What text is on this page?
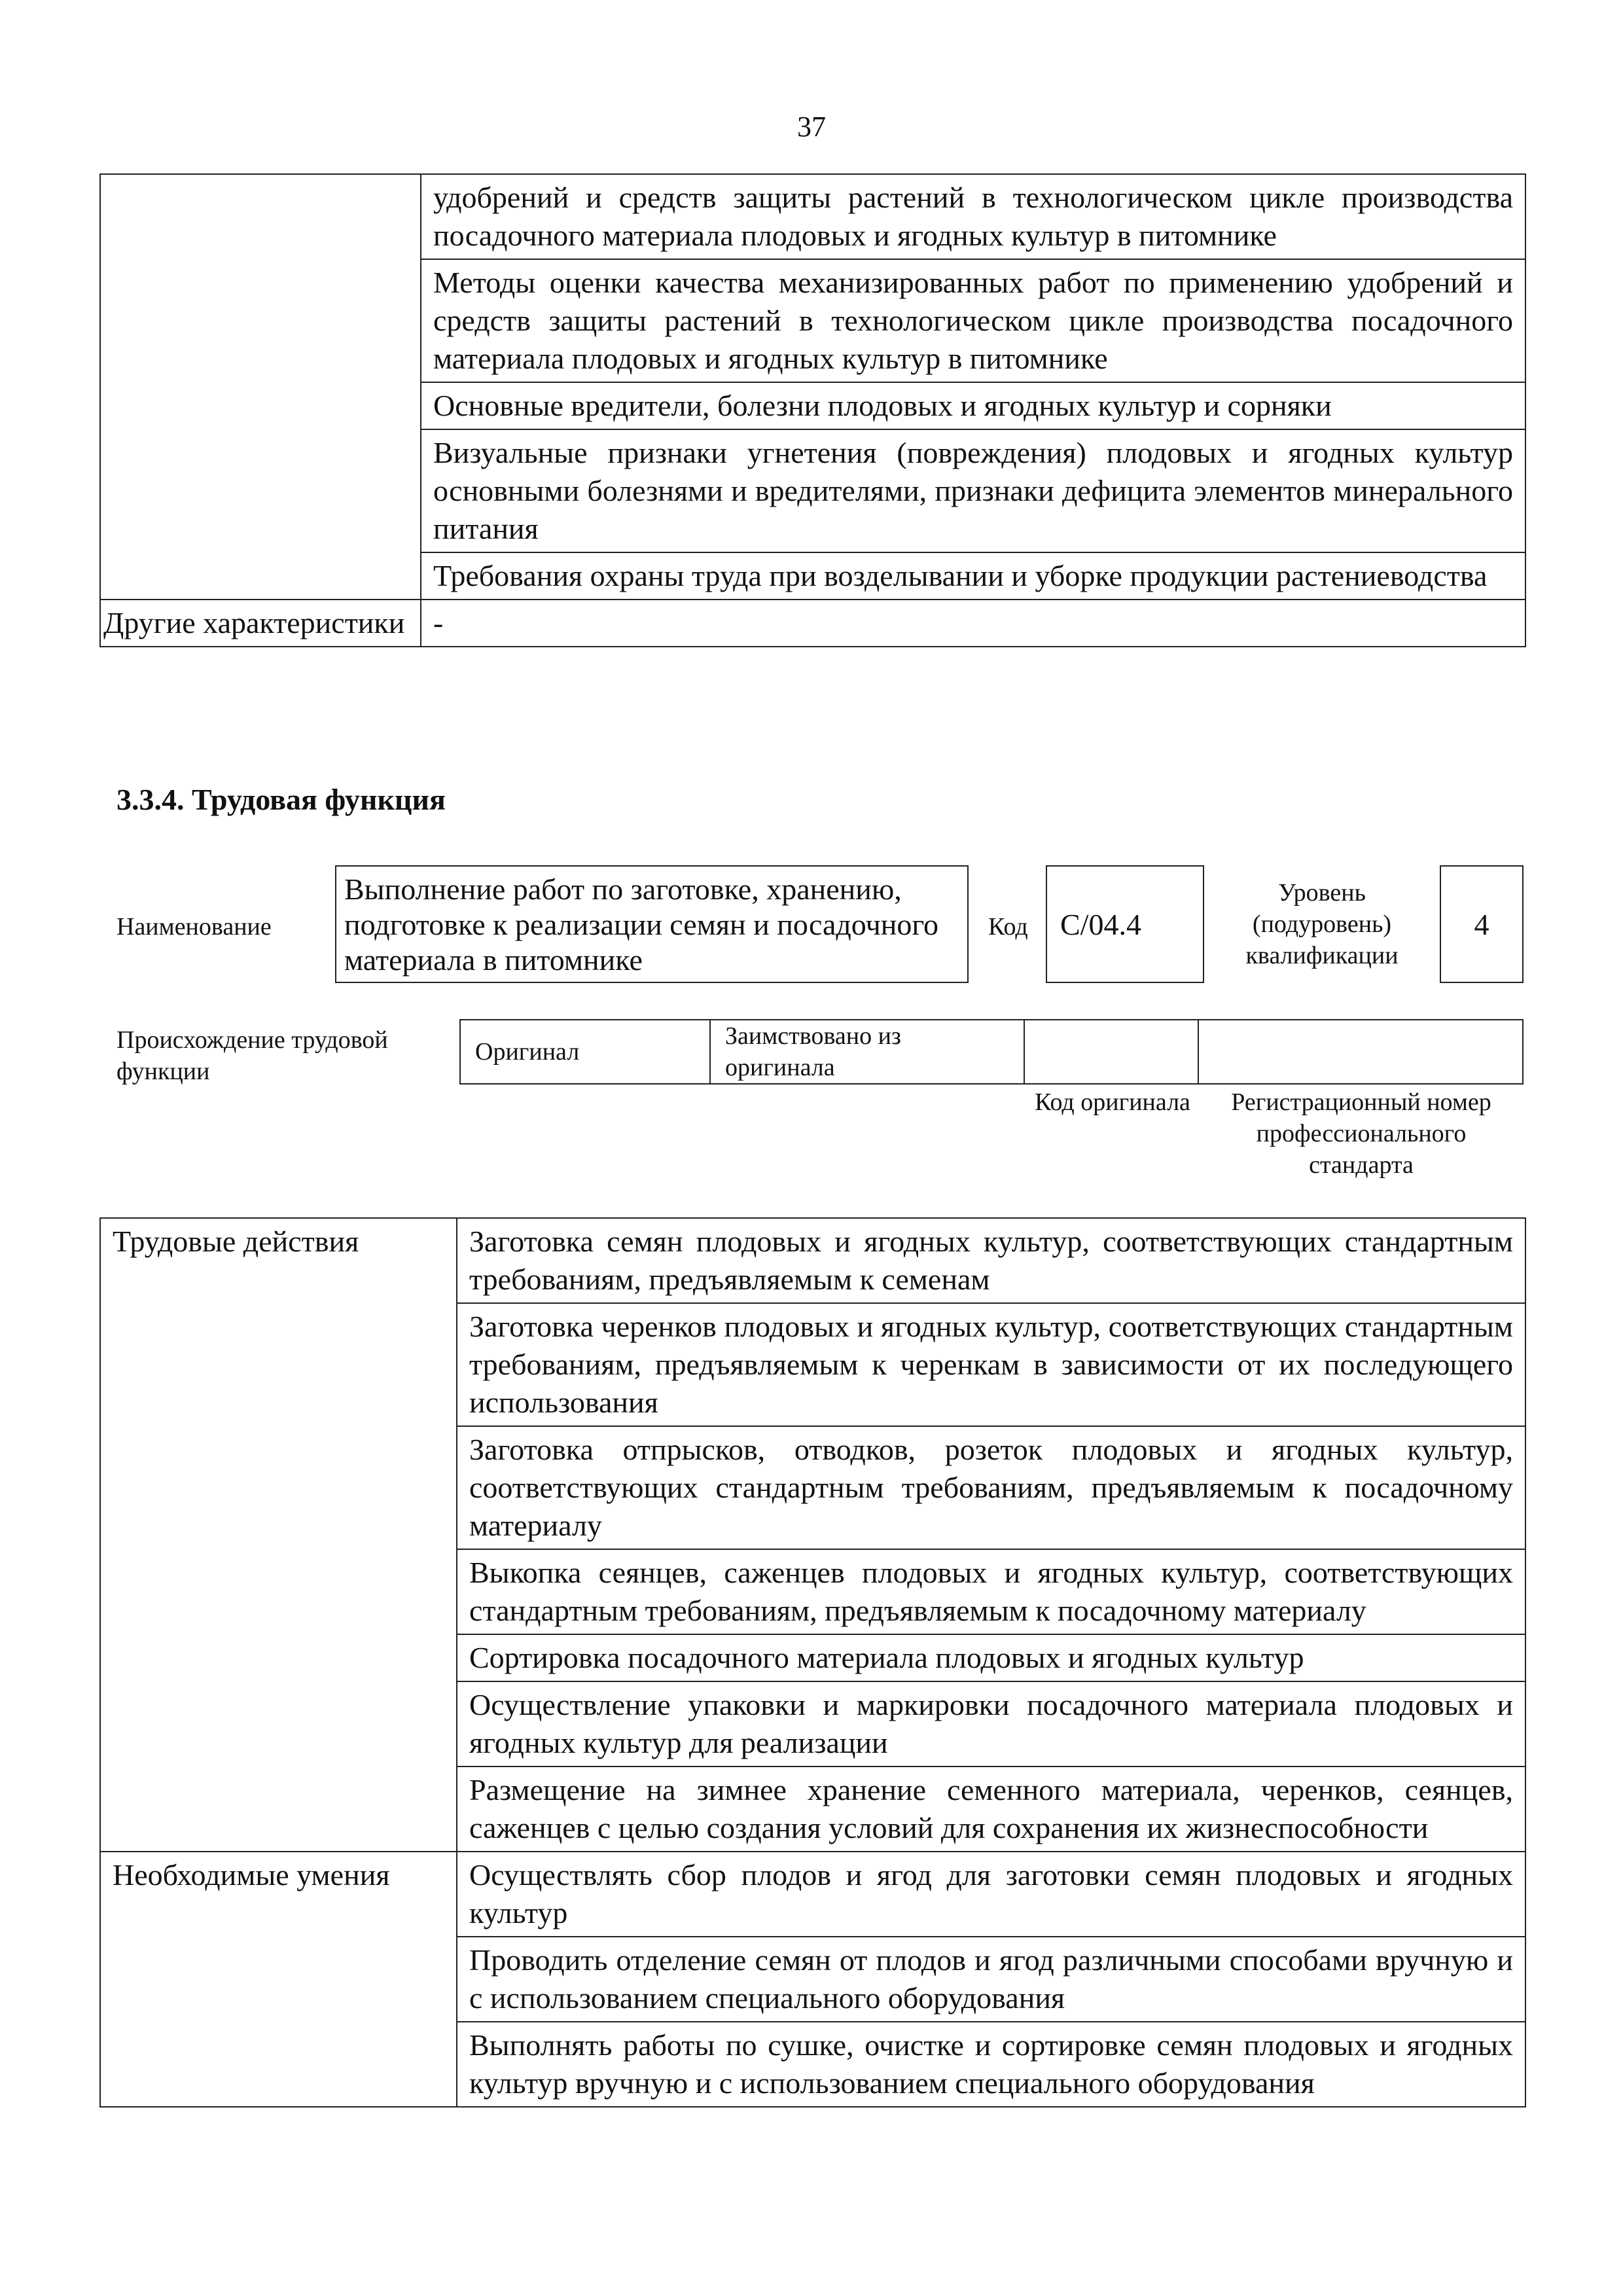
37
	удобрений и средств защиты растений в технологическом цикле производства посадочного материала плодовых и ягодных культур в питомнике
	Методы оценки качества механизированных работ по применению удобрений и средств защиты растений в технологическом цикле производства посадочного материала плодовых и ягодных культур в питомнике
	Основные вредители, болезни плодовых и ягодных культур и сорняки
	Визуальные признаки угнетения (повреждения) плодовых и ягодных культур основными болезнями и вредителями, признаки дефицита элементов минерального питания
	Требования охраны труда при возделывании и уборке продукции растениеводства
Другие характеристики	-
3.3.4. Трудовая функция
Наименование
Выполнение работ по заготовке, хранению, подготовке к реализации семян и посадочного материала в питомнике
Код	С/04.4
Уровень (подуровень) квалификации
4
Происхождение трудовой функции
Оригинал
Заимствовано из оригинала
Код оригинала	Регистрационный номер профессионального стандарта
Трудовые действия	Заготовка семян плодовых и ягодных культур, соответствующих стандартным требованиям, предъявляемым к семенам
	Заготовка черенков плодовых и ягодных культур, соответствующих стандартным требованиям, предъявляемым к черенкам в зависимости от их последующего использования
	Заготовка отпрысков, отводков, розеток плодовых и ягодных культур, соответствующих стандартным требованиям, предъявляемым к посадочному материалу
	Выкопка сеянцев, саженцев плодовых и ягодных культур, соответствующих стандартным требованиям, предъявляемым к посадочному материалу
	Сортировка посадочного материала плодовых и ягодных культур
	Осуществление упаковки и маркировки посадочного материала плодовых и ягодных культур для реализации
	Размещение на зимнее хранение семенного материала, черенков, сеянцев, саженцев с целью создания условий для сохранения их жизнеспособности
Необходимые умения	Осуществлять сбор плодов и ягод для заготовки семян плодовых и ягодных культур
	Проводить отделение семян от плодов и ягод различными способами вручную и с использованием специального оборудования
	Выполнять работы по сушке, очистке и сортировке семян плодовых и ягодных культур вручную и с использованием специального оборудования
